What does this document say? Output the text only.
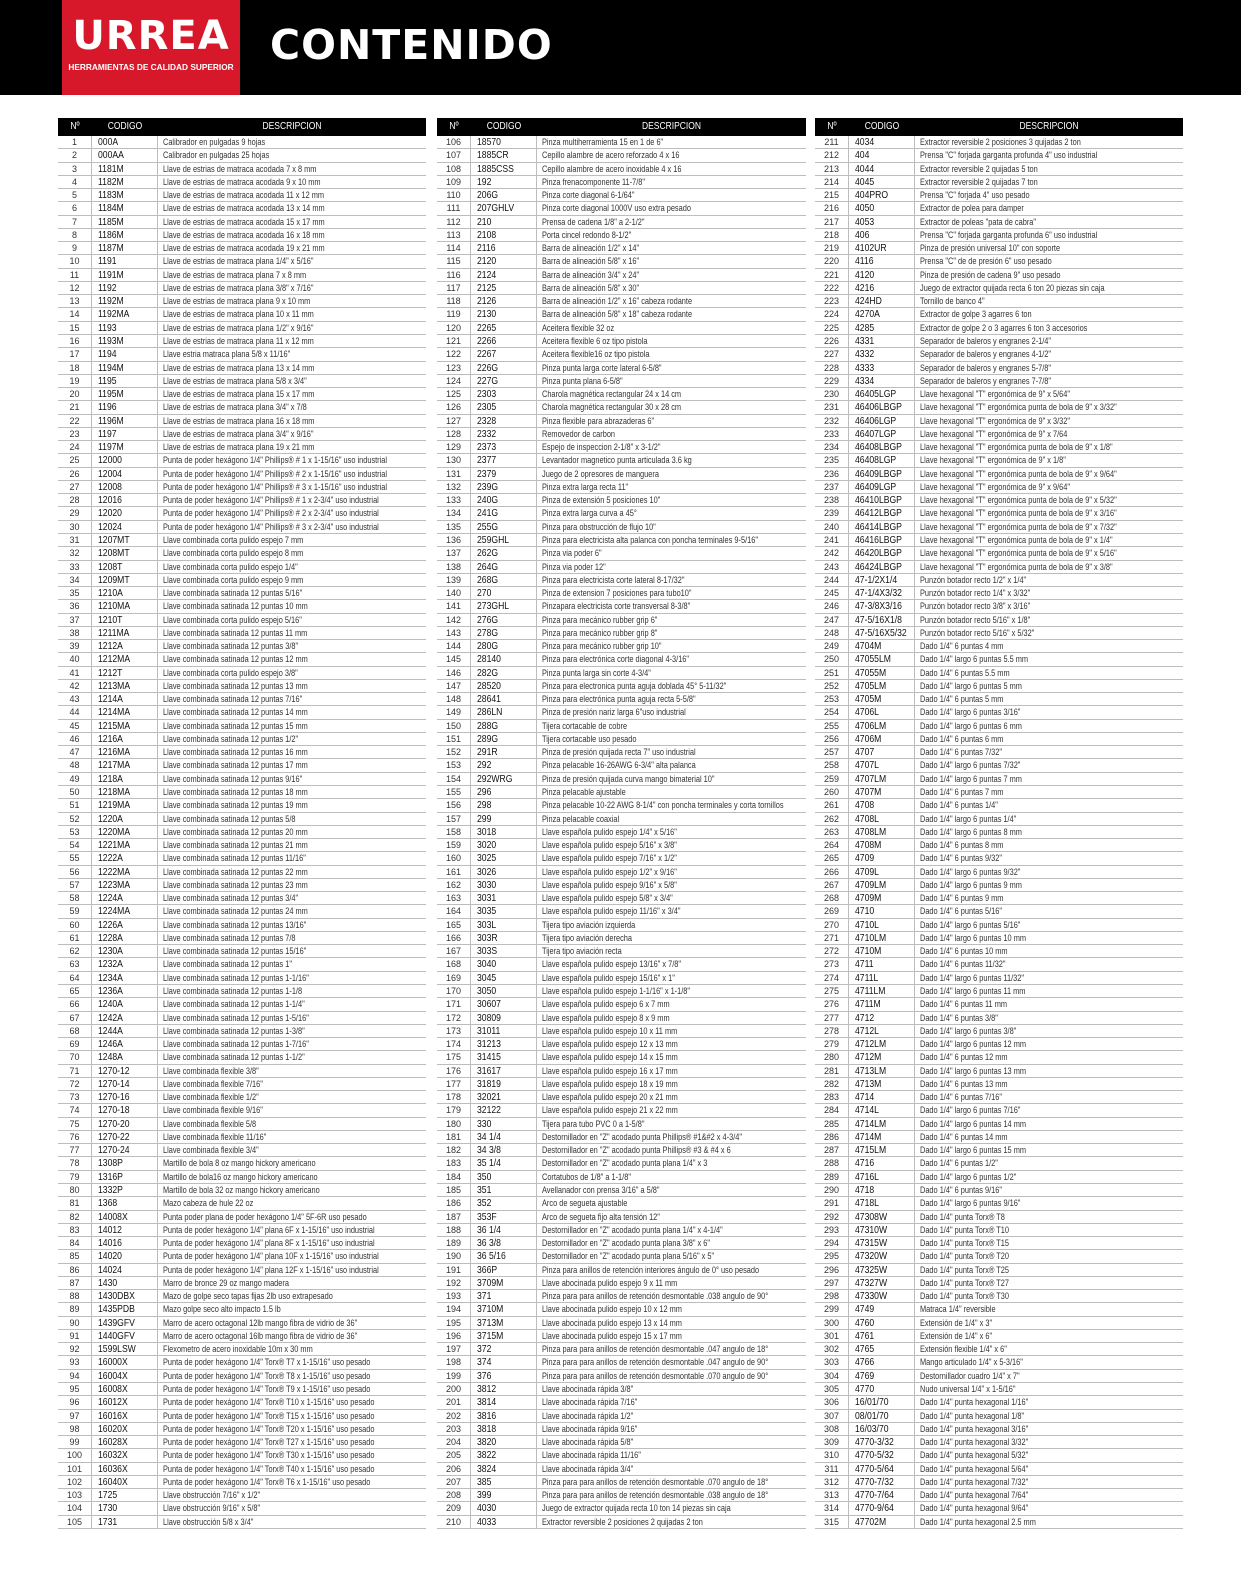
URREA
HERRAMIENTAS DE CALIDAD SUPERIOR CONTENIDO
Nº	CODIGO	DESCRIPCION
1	000A	Calibrador en pulgadas 9 hojas
2	000AA	Calibrador en pulgadas 25 hojas
3	1181M	Llave de estrias de matraca acodada 7 x 8 mm
4	1182M	Llave de estrias de matraca acodada 9 x 10 mm
5	1183M	Llave de estrias de matraca acodada 11 x 12 mm
6	1184M	Llave de estrias de matraca acodada 13 x 14 mm
7	1185M	Llave de estrias de matraca acodada 15 x 17 mm
8	1186M	Llave de estrias de matraca acodada 16 x 18 mm
9	1187M	Llave de estrias de matraca acodada 19 x 21 mm
10	1191	Llave de estrias de matraca plana 1/4" x 5/16"
11	1191M	Llave de estrias de matraca plana 7 x 8 mm
12	1192	Llave de estrias de matraca plana 3/8" x 7/16"
13	1192M	Llave de estrias de matraca plana 9 x 10 mm
14	1192MA	Llave de estrias de matraca plana 10 x 11 mm
15	1193	Llave de estrias de matraca plana 1/2" x 9/16"
16	1193M	Llave de estrias de matraca plana 11 x 12 mm
17	1194	Llave estria matraca plana 5/8 x 11/16"
18	1194M	Llave de estrias de matraca plana 13 x 14 mm
19	1195	Llave de estrias de matraca plana 5/8 x 3/4"
20	1195M	Llave de estrias de matraca plana 15 x 17 mm
21	1196	Llave de estrias de matraca plana 3/4" x 7/8
22	1196M	Llave de estrias de matraca plana 16 x 18 mm
23	1197	Llave de estrias de matraca plana 3/4" x 9/16"
24	1197M	Llave de estrias de matraca plana 19 x 21 mm
25	12000	Punta de poder hexágono 1/4" Phillips® # 1 x 1-15/16" uso industrial
26	12004	Punta de poder hexágono 1/4" Phillips® # 2 x 1-15/16" uso industrial
27	12008	Punta de poder hexágono 1/4" Phillips® # 3 x 1-15/16" uso industrial
28	12016	Punta de poder hexágono 1/4" Phillips® # 1 x 2-3/4" uso industrial
29	12020	Punta de poder hexágono 1/4" Phillips® # 2 x 2-3/4" uso industrial
30	12024	Punta de poder hexágono 1/4" Phillips® # 3 x 2-3/4" uso industrial
31	1207MT	Llave combinada corta pulido espejo 7 mm
32	1208MT	Llave combinada corta pulido espejo 8 mm
33	1208T	Llave combinada corta pulido espejo 1/4"
34	1209MT	Llave combinada corta pulido espejo 9 mm
35	1210A	Llave combinada satinada 12 puntas 5/16"
36	1210MA	Llave combinada satinada 12 puntas 10 mm
37	1210T	Llave combinada corta pulido espejo 5/16"
38	1211MA	Llave combinada satinada 12 puntas 11 mm
39	1212A	Llave combinada satinada 12 puntas 3/8"
40	1212MA	Llave combinada satinada 12 puntas 12 mm
41	1212T	Llave combinada corta pulido espejo 3/8"
42	1213MA	Llave combinada satinada 12 puntas 13 mm
43	1214A	Llave combinada satinada 12 puntas 7/16"
44	1214MA	Llave combinada satinada 12 puntas 14 mm
45	1215MA	Llave combinada satinada 12 puntas 15 mm
46	1216A	Llave combinada satinada 12 puntas 1/2"
47	1216MA	Llave combinada satinada 12 puntas 16 mm
48	1217MA	Llave combinada satinada 12 puntas 17 mm
49	1218A	Llave combinada satinada 12 puntas 9/16"
50	1218MA	Llave combinada satinada 12 puntas 18 mm
51	1219MA	Llave combinada satinada 12 puntas 19 mm
52	1220A	Llave combinada satinada 12 puntas 5/8
53	1220MA	Llave combinada satinada 12 puntas 20 mm
54	1221MA	Llave combinada satinada 12 puntas 21 mm
55	1222A	Llave combinada satinada 12 puntas 11/16"
56	1222MA	Llave combinada satinada 12 puntas 22 mm
57	1223MA	Llave combinada satinada 12 puntas 23 mm
58	1224A	Llave combinada satinada 12 puntas 3/4"
59	1224MA	Llave combinada satinada 12 puntas 24 mm
60	1226A	Llave combinada satinada 12 puntas 13/16"
61	1228A	Llave combinada satinada 12 puntas 7/8
62	1230A	Llave combinada satinada 12 puntas 15/16"
63	1232A	Llave combinada satinada 12 puntas 1"
64	1234A	Llave combinada satinada 12 puntas 1-1/16"
65	1236A	Llave combinada satinada 12 puntas 1-1/8
66	1240A	Llave combinada satinada 12 puntas 1-1/4"
67	1242A	Llave combinada satinada 12 puntas 1-5/16"
68	1244A	Llave combinada satinada 12 puntas 1-3/8"
69	1246A	Llave combinada satinada 12 puntas 1-7/16"
70	1248A	Llave combinada satinada 12 puntas 1-1/2"
71	1270-12	Llave combinada flexible 3/8"
72	1270-14	Llave combinada flexible 7/16"
73	1270-16	Llave combinada flexible 1/2"
74	1270-18	Llave combinada flexible 9/16"
75	1270-20	Llave combinada flexible 5/8
76	1270-22	Llave combinada flexible 11/16"
77	1270-24	Llave combinada flexible 3/4"
78	1308P	Martillo de bola 8 oz mango hickory americano
79	1316P	Martillo de bola16 oz mango hickory americano
80	1332P	Martillo de bola 32 oz mango hickory americano
81	1368	Mazo cabeza de hule 22 oz
82	14008X	Punta poder plana de poder hexágono 1/4" 5F-6R uso pesado
83	14012	Punta de poder hexágono 1/4" plana 6F x 1-15/16" uso industrial
84	14016	Punta de poder hexágono 1/4" plana 8F x 1-15/16" uso industrial
85	14020	Punta de poder hexágono 1/4" plana 10F x 1-15/16" uso industrial
86	14024	Punta de poder hexágono 1/4" plana 12F x 1-15/16" uso industrial
87	1430	Marro de bronce 29 oz mango madera
88	1430DBX	Mazo de golpe seco tapas fijas 2lb uso extrapesado
89	1435PDB	Mazo golpe seco alto impacto 1.5 lb
90	1439GFV	Marro de acero octagonal 12lb mango fibra de vidrio de 36"
91	1440GFV	Marro de acero octagonal 16lb mango fibra de vidrio de 36"
92	1599LSW	Flexometro de acero inoxidable 10m x 30 mm
93	16000X	Punta de poder hexágono 1/4" Torx® T7 x 1-15/16" uso pesado
94	16004X	Punta de poder hexágono 1/4" Torx® T8 x 1-15/16" uso pesado
95	16008X	Punta de poder hexágono 1/4" Torx® T9 x 1-15/16" uso pesado
96	16012X	Punta de poder hexágono 1/4" Torx® T10 x 1-15/16" uso pesado
97	16016X	Punta de poder hexágono 1/4" Torx® T15 x 1-15/16" uso pesado
98	16020X	Punta de poder hexágono 1/4" Torx® T20 x 1-15/16" uso pesado
99	16028X	Punta de poder hexágono 1/4" Torx® T27 x 1-15/16" uso pesado
100	16032X	Punta de poder hexágono 1/4" Torx® T30 x 1-15/16" uso pesado
101	16036X	Punta de poder hexágono 1/4" Torx® T40 x 1-15/16" uso pesado
102	16040X	Punta de poder hexágono 1/4" Torx® T6 x 1-15/16" uso pesado
103	1725	Llave obstrucción 7/16" x 1/2"
104	1730	Llave obstrucción 9/16" x 5/8"
105	1731	Llave obstrucción 5/8 x 3/4"
Nº	CODIGO	DESCRIPCION
106	18570	Pinza multiherramienta 15 en 1 de 6"
107	1885CR	Cepillo alambre de acero reforzado 4 x 16
108	1885CSS	Cepillo alambre de acero inoxidable 4 x 16
109	192	Pinza frenacomponente 11-7/8"
110	206G	Pinza corte diagonal 6-1/64"
111	207GHLV	Pinza corte diagonal 1000V uso extra pesado
112	210	Prensa de cadena 1/8" a 2-1/2"
113	2108	Porta cincel redondo 8-1/2"
114	2116	Barra de alineación 1/2" x 14"
115	2120	Barra de alineación 5/8" x 16"
116	2124	Barra de alineación 3/4" x 24"
117	2125	Barra de alineación 5/8" x 30"
118	2126	Barra de alineación 1/2" x 16" cabeza rodante
119	2130	Barra de alineación 5/8" x 18" cabeza rodante
120	2265	Aceitera flexible 32 oz
121	2266	Aceitera flexible 6 oz tipo pistola
122	2267	Aceitera flexible16 oz tipo pistola
123	226G	Pinza punta larga corte lateral 6-5/8"
124	227G	Pinza punta plana 6-5/8"
125	2303	Charola magnética rectangular 24 x 14 cm
126	2305	Charola magnética rectangular 30 x 28 cm
127	2328	Pinza flexible para abrazaderas 6"
128	2332	Removedor de carbon
129	2373	Espejo de inspeccion 2-1/8" x 3-1/2"
130	2377	Levantador magnetico punta articulada 3.6 kg
131	2379	Juego de 2 opresores de manguera
132	239G	Pinza extra larga recta 11"
133	240G	Pinza de extensión 5 posiciones 10"
134	241G	Pinza extra larga curva a 45°
135	255G	Pinza para obstrucción de flujo 10"
136	259GHL	Pinza para electricista alta palanca con poncha terminales 9-5/16"
137	262G	Pinza via poder 6"
138	264G	Pinza via poder 12"
139	268G	Pinza para electricista corte lateral 8-17/32"
140	270	Pinza de extension 7 posiciones para tubo10"
141	273GHL	Pinzapara electricista corte transversal 8-3/8"
142	276G	Pinza para mecánico rubber grip 6"
143	278G	Pinza para mecánico rubber grip 8"
144	280G	Pinza para mecánico rubber grip 10"
145	28140	Pinza para electrónica corte diagonal 4-3/16"
146	282G	Pinza punta larga sin corte 4-3/4"
147	28520	Pinza para electronica punta aguja doblada 45° 5-11/32"
148	28641	Pinza para electrónica punta aguja recta 5-5/8"
149	286LN	Pinza de presión nariz larga 6"uso industrial
150	288G	Tijera cortacable de cobre
151	289G	Tijera cortacable uso pesado
152	291R	Pinza de presión quijada recta 7" uso industrial
153	292	Pinza pelacable 16-26AWG 6-3/4" alta palanca
154	292WRG	Pinza de presión quijada curva mango bimaterial 10"
155	296	Pinza pelacable ajustable
156	298	Pinza pelacable 10-22 AWG 8-1/4" con poncha terminales y corta tornillos
157	299	Pinza pelacable coaxial
158	3018	Llave española pulido espejo 1/4" x 5/16"
159	3020	Llave española pulido espejo 5/16" x 3/8"
160	3025	Llave española pulido espejo 7/16" x 1/2"
161	3026	Llave española pulido espejo 1/2" x 9/16"
162	3030	Llave española pulido espejo 9/16" x 5/8"
163	3031	Llave española pulido espejo 5/8" x 3/4"
164	3035	Llave española pulido espejo 11/16" x 3/4"
165	303L	Tijera tipo aviación izquierda
166	303R	Tijera tipo aviación derecha
167	303S	Tijera tipo aviación recta
168	3040	Llave española pulido espejo 13/16" x 7/8"
169	3045	Llave española pulido espejo 15/16" x 1"
170	3050	Llave española pulido espejo 1-1/16" x 1-1/8"
171	30607	Llave española pulido espejo 6 x 7 mm
172	30809	Llave española pulido espejo 8 x 9 mm
173	31011	Llave española pulido espejo 10 x 11 mm
174	31213	Llave española pulido espejo 12 x 13 mm
175	31415	Llave española pulido espejo 14 x 15 mm
176	31617	Llave española pulido espejo 16 x 17 mm
177	31819	Llave española pulido espejo 18 x 19 mm
178	32021	Llave española pulido espejo 20 x 21 mm
179	32122	Llave española pulido espejo 21 x 22 mm
180	330	Tijera para tubo PVC 0 a 1-5/8"
181	34 1/4	Destornillador en "Z" acodado punta Phillips® #1&#2 x 4-3/4"
182	34 3/8	Destornillador en "Z" acodado punta Phillips® #3 & #4 x 6
183	35 1/4	Destornillador en "Z" acodado punta plana 1/4" x 3
184	350	Cortatubos de 1/8" a 1-1/8"
185	351	Avellanador con prensa 3/16" a 5/8"
186	352	Arco de segueta ajustable
187	353F	Arco de segueta fijo alta tensión 12"
188	36 1/4	Destornillador en "Z" acodado punta plana 1/4" x 4-1/4"
189	36 3/8	Destornillador en "Z" acodado punta plana 3/8" x 6"
190	36 5/16	Destornillador en "Z" acodado punta plana 5/16" x 5"
191	366P	Pinza para anillos de retención interiores ángulo de 0° uso pesado
192	3709M	Llave abocinada pulido espejo 9 x 11 mm
193	371	Pinza para para anillos de retención desmontable .038 angulo de 90°
194	3710M	Llave abocinada pulido espejo 10 x 12 mm
195	3713M	Llave abocinada pulido espejo 13 x 14 mm
196	3715M	Llave abocinada pulido espejo 15 x 17 mm
197	372	Pinza para para anillos de retención desmontable .047 angulo de 18°
198	374	Pinza para para anillos de retención desmontable .047 angulo de 90°
199	376	Pinza para para anillos de retención desmontable .070 angulo de 90°
200	3812	Llave abocinada rápida 3/8"
201	3814	Llave abocinada rápida 7/16"
202	3816	Llave abocinada rápida 1/2"
203	3818	Llave abocinada rápida 9/16"
204	3820	Llave abocinada rápida 5/8"
205	3822	Llave abocinada rápida 11/16"
206	3824	Llave abocinada rápida 3/4"
207	385	Pinza para para anillos de retención desmontable .070 angulo de 18°
208	399	Pinza para para anillos de retención desmontable .038 angulo de 18°
209	4030	Juego de extractor quijada recta 10 ton 14 piezas sin caja
210	4033	Extractor reversible 2 posiciones 2 quijadas 2 ton
Nº	CODIGO	DESCRIPCION
211	4034	Extractor reversible 2 posiciones 3 quijadas 2 ton
212	404	Prensa "C" forjada garganta profunda 4" uso industrial
213	4044	Extractor reversible 2 quijadas 5 ton
214	4045	Extractor reversible 2 quijadas 7 ton
215	404PRO	Prensa "C" forjada 4" uso pesado
216	4050	Extractor de polea para damper
217	4053	Extractor de poleas "pata de cabra"
218	406	Prensa "C" forjada garganta profunda 6" uso industrial
219	4102UR	Pinza de presión universal 10" con soporte
220	4116	Prensa "C" de de presión 6" uso pesado
221	4120	Pinza de presión de cadena 9" uso pesado
222	4216	Juego de extractor quijada recta 6 ton 20 piezas sin caja
223	424HD	Tornillo de banco 4"
224	4270A	Extractor de golpe 3 agarres 6 ton
225	4285	Extractor de golpe 2 o 3 agarres 6 ton 3 accesorios
226	4331	Separador de baleros y engranes 2-1/4"
227	4332	Separador de baleros y engranes 4-1/2"
228	4333	Separador de baleros y engranes 5-7/8"
229	4334	Separador de baleros y engranes 7-7/8"
230	46405LGP	Llave hexagonal "T" ergonómica de 9" x 5/64"
231	46406LBGP	Llave hexagonal "T" ergonómica punta de bola de 9" x 3/32"
232	46406LGP	Llave hexagonal "T" ergonómica de 9" x 3/32"
233	46407LGP	Llave hexagonal "T" ergonómica de 9" x 7/64
234	46408LBGP	Llave hexagonal "T" ergonómica punta de bola de 9" x 1/8"
235	46408LGP	Llave hexagonal "T" ergonómica de 9" x 1/8"
236	46409LBGP	Llave hexagonal "T" ergonómica punta de bola de 9" x 9/64"
237	46409LGP	Llave hexagonal "T" ergonómica de 9" x 9/64"
238	46410LBGP	Llave hexagonal "T" ergonómica punta de bola de 9" x 5/32"
239	46412LBGP	Llave hexagonal "T" ergonómica punta de bola de 9" x 3/16"
240	46414LBGP	Llave hexagonal "T" ergonómica punta de bola de 9" x 7/32"
241	46416LBGP	Llave hexagonal "T" ergonómica punta de bola de 9" x 1/4"
242	46420LBGP	Llave hexagonal "T" ergonómica punta de bola de 9" x 5/16"
243	46424LBGP	Llave hexagonal "T" ergonómica punta de bola de 9" x 3/8"
244	47-1/2X1/4	Punzón botador recto 1/2" x 1/4"
245	47-1/4X3/32	Punzón botador recto 1/4" x 3/32"
246	47-3/8X3/16	Punzón botador recto 3/8" x 3/16"
247	47-5/16X1/8	Punzón botador recto 5/16" x 1/8"
248	47-5/16X5/32	Punzón botador recto 5/16" x 5/32"
249	4704M	Dado 1/4" 6 puntas 4 mm
250	47055LM	Dado 1/4" largo 6 puntas 5.5 mm
251	47055M	Dado 1/4" 6 puntas 5.5 mm
252	4705LM	Dado 1/4" largo 6 puntas 5 mm
253	4705M	Dado 1/4" 6 puntas 5 mm
254	4706L	Dado 1/4" largo 6 puntas 3/16"
255	4706LM	Dado 1/4" largo 6 puntas 6 mm
256	4706M	Dado 1/4" 6 puntas 6 mm
257	4707	Dado 1/4" 6 puntas 7/32"
258	4707L	Dado 1/4" largo 6 puntas 7/32"
259	4707LM	Dado 1/4" largo 6 puntas 7 mm
260	4707M	Dado 1/4" 6 puntas 7 mm
261	4708	Dado 1/4" 6 puntas 1/4"
262	4708L	Dado 1/4" largo 6 puntas 1/4"
263	4708LM	Dado 1/4" largo 6 puntas 8 mm
264	4708M	Dado 1/4" 6 puntas 8 mm
265	4709	Dado 1/4" 6 puntas 9/32"
266	4709L	Dado 1/4" largo 6 puntas 9/32"
267	4709LM	Dado 1/4" largo 6 puntas 9 mm
268	4709M	Dado 1/4" 6 puntas 9 mm
269	4710	Dado 1/4" 6 puntas 5/16"
270	4710L	Dado 1/4" largo 6 puntas 5/16"
271	4710LM	Dado 1/4" largo 6 puntas 10 mm
272	4710M	Dado 1/4" 6 puntas 10 mm
273	4711	Dado 1/4" 6 puntas 11/32"
274	4711L	Dado 1/4" largo 6 puntas 11/32"
275	4711LM	Dado 1/4" largo 6 puntas 11 mm
276	4711M	Dado 1/4" 6 puntas 11 mm
277	4712	Dado 1/4" 6 puntas 3/8"
278	4712L	Dado 1/4" largo 6 puntas 3/8"
279	4712LM	Dado 1/4" largo 6 puntas 12 mm
280	4712M	Dado 1/4" 6 puntas 12 mm
281	4713LM	Dado 1/4" largo 6 puntas 13 mm
282	4713M	Dado 1/4" 6 puntas 13 mm
283	4714	Dado 1/4" 6 puntas 7/16"
284	4714L	Dado 1/4" largo 6 puntas 7/16"
285	4714LM	Dado 1/4" largo 6 puntas 14 mm
286	4714M	Dado 1/4" 6 puntas 14 mm
287	4715LM	Dado 1/4" largo 6 puntas 15 mm
288	4716	Dado 1/4" 6 puntas 1/2"
289	4716L	Dado 1/4" largo 6 puntas 1/2"
290	4718	Dado 1/4" 6 puntas 9/16"
291	4718L	Dado 1/4" largo 6 puntas 9/16"
292	47308W	Dado 1/4" punta Torx® T8
293	47310W	Dado 1/4" punta Torx® T10
294	47315W	Dado 1/4" punta Torx® T15
295	47320W	Dado 1/4" punta Torx® T20
296	47325W	Dado 1/4" punta Torx® T25
297	47327W	Dado 1/4" punta Torx® T27
298	47330W	Dado 1/4" punta Torx® T30
299	4749	Matraca 1/4" reversible
300	4760	Extensión de 1/4" x 3"
301	4761	Extensión de 1/4" x 6"
302	4765	Extensión flexible 1/4" x 6"
303	4766	Mango articulado 1/4" x 5-3/16"
304	4769	Destornillador cuadro 1/4" x 7"
305	4770	Nudo universal 1/4" x 1-5/16"
306	16/01/70	Dado 1/4" punta hexagonal 1/16"
307	08/01/70	Dado 1/4" punta hexagonal 1/8"
308	16/03/70	Dado 1/4" punta hexagonal 3/16"
309	4770-3/32	Dado 1/4" punta hexagonal 3/32"
310	4770-5/32	Dado 1/4" punta hexagonal 5/32"
311	4770-5/64	Dado 1/4" punta hexagonal 5/64"
312	4770-7/32	Dado 1/4" punta hexagonal 7/32"
313	4770-7/64	Dado 1/4" punta hexagonal 7/64"
314	4770-9/64	Dado 1/4" punta hexagonal 9/64"
315	47702M	Dado 1/4" punta hexagonal 2.5 mm
